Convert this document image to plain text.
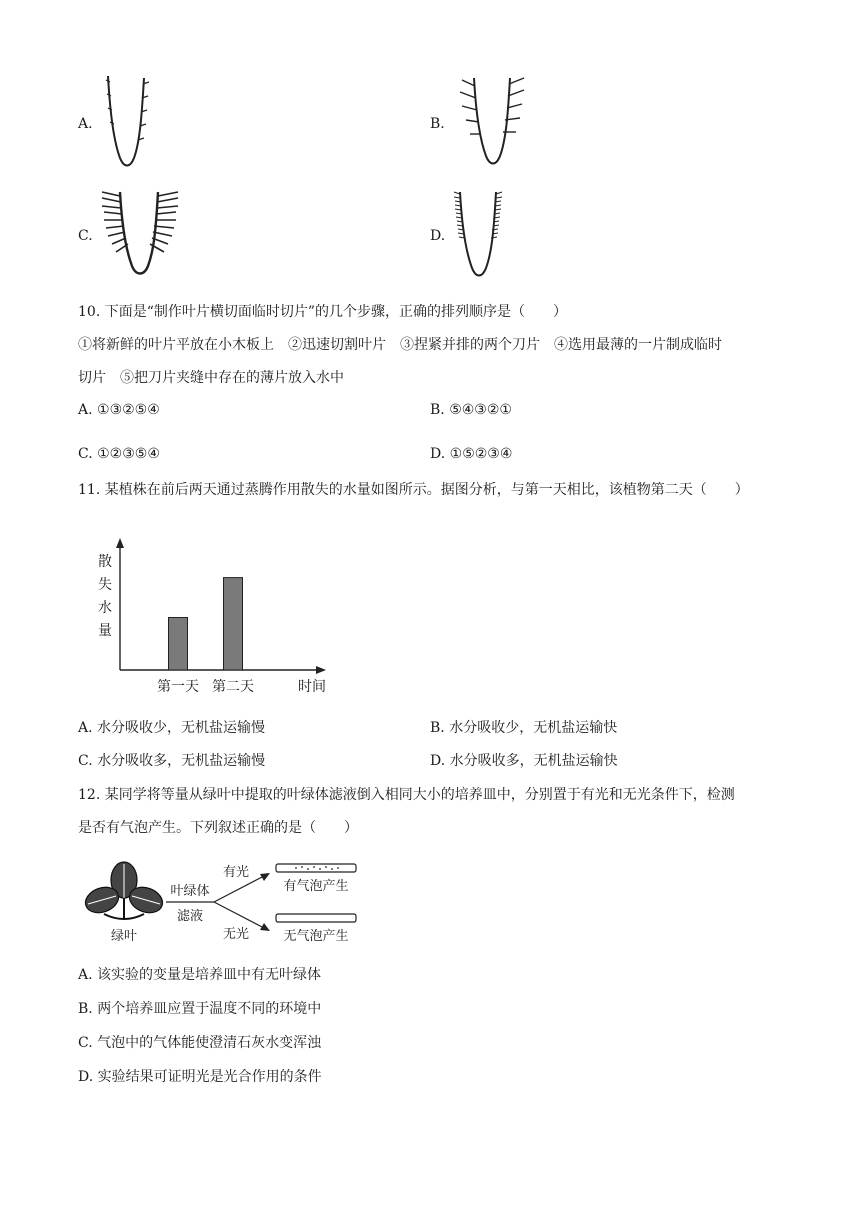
A.	B.
C.	D.
10. 下面是“制作叶片横切面临时切片”的几个步骤，正确的排列顺序是（　　）
①将新鲜的叶片平放在小木板上　②迅速切割叶片　③捏紧并排的两个刀片　④选用最薄的一片制成临时
切片　⑤把刀片夹缝中存在的薄片放入水中
A. ①③②⑤④	B. ⑤④③②①
C. ①②③⑤④	D. ①⑤②③④
11. 某植株在前后两天通过蒸腾作用散失的水量如图所示。据图分析，与第一天相比，该植物第二天（　　）
散
失
水
量
第一天 第二天	时间
A. 水分吸收少，无机盐运输慢	B. 水分吸收少，无机盐运输快
C. 水分吸收多，无机盐运输慢	D. 水分吸收多，无机盐运输快
12. 某同学将等量从绿叶中提取的叶绿体滤液倒入相同大小的培养皿中，分别置于有光和无光条件下，检测
是否有气泡产生。下列叙述正确的是（　　）
绿叶
叶绿体
滤液
有光
无光
有气泡产生
无气泡产生
A. 该实验的变量是培养皿中有无叶绿体
B. 两个培养皿应置于温度不同的环境中
C. 气泡中的气体能使澄清石灰水变浑浊
D. 实验结果可证明光是光合作用的条件
